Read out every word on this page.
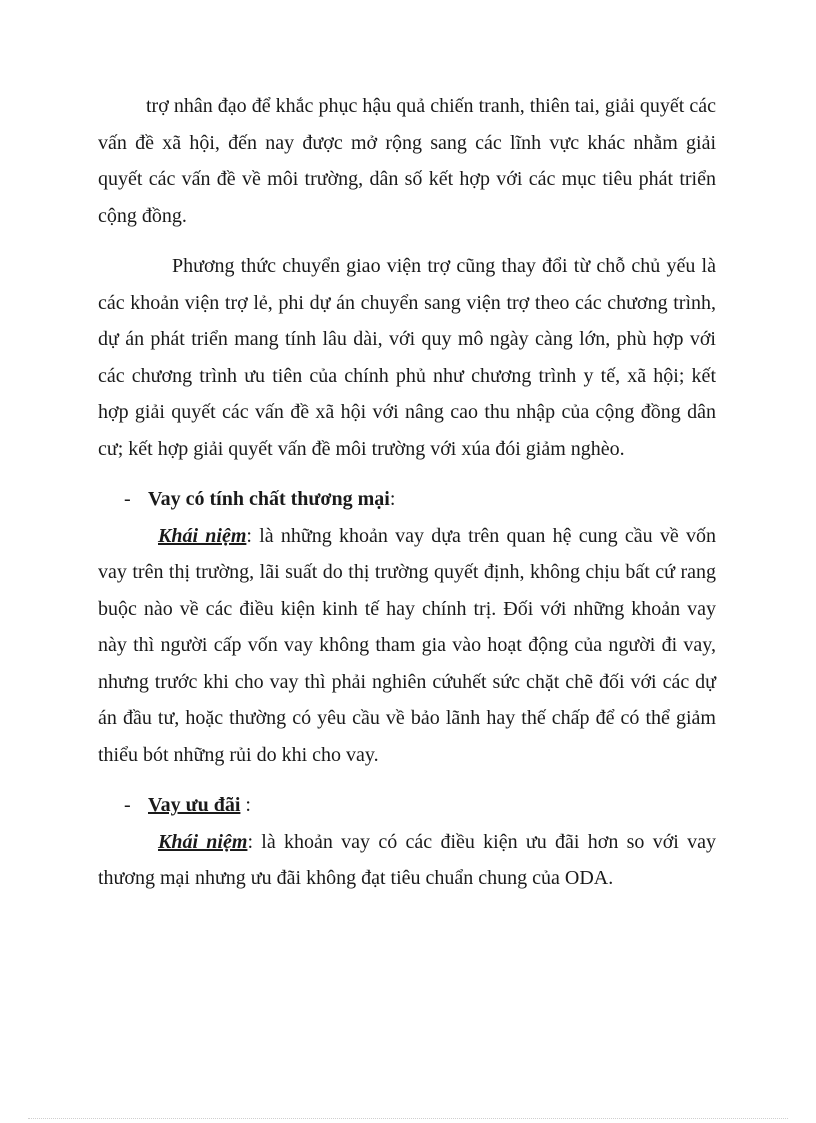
trợ nhân đạo để khắc phục hậu quả chiến tranh, thiên tai, giải quyết các vấn đề xã hội, đến nay được mở rộng sang các lĩnh vực khác nhằm giải quyết các vấn đề về môi trường, dân số kết hợp với các mục tiêu phát triển cộng đồng.

Phương thức chuyển giao viện trợ cũng thay đổi từ chỗ chủ yếu là các khoản viện trợ lẻ, phi dự án chuyển sang viện trợ theo các chương trình, dự án phát triển mang tính lâu dài, với quy mô ngày càng lớn, phù hợp với các chương trình ưu tiên của chính phủ như chương trình y tế, xã hội; kết hợp giải quyết các vấn đề xã hội với nâng cao thu nhập của cộng đồng dân cư; kết hợp giải quyết vấn đề môi trường với xúa đói giảm nghèo.

- Vay có tính chất thương mại:

Khái niệm: là những khoản vay dựa trên quan hệ cung cầu về vốn vay trên thị trường, lãi suất do thị trường quyết định, không chịu bất cứ rang buộc nào về các điều kiện kinh tế hay chính trị. Đối với những khoản vay này thì người cấp vốn vay không tham gia vào hoạt động của người đi vay, nhưng trước khi cho vay thì phải nghiên cứuhết sức chặt chẽ đối với các dự án đầu tư, hoặc thường có yêu cầu về bảo lãnh hay thế chấp để có thể giảm thiểu bót những rủi do khi cho vay.

- Vay ưu đãi :

Khái niệm: là khoản vay có các điều kiện ưu đãi hơn so với vay thương mại nhưng ưu đãi không đạt tiêu chuẩn chung của ODA.
